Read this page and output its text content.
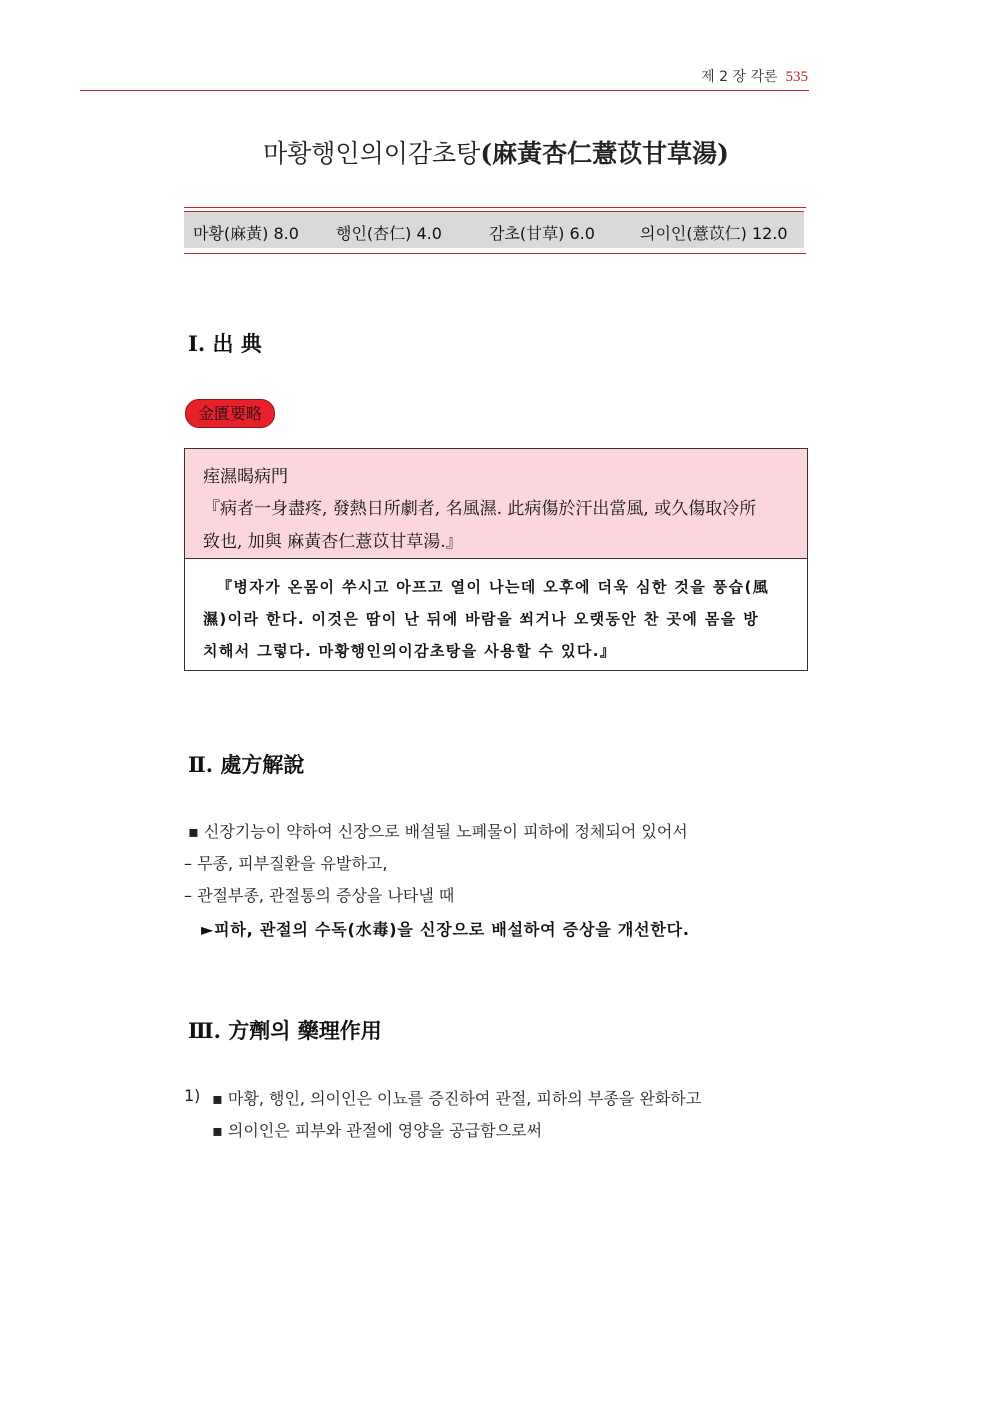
제 2 장 각론 535
마황행인의이감초탕(麻黃杏仁薏苡甘草湯)
마황(麻黃) 8.0 행인(杏仁) 4.0	감초(甘草) 6.0	의이인(薏苡仁) 12.0
Ⅰ. 出 典
金匱要略
痓濕暍病門
『病者一身盡疼, 發熱日所劇者, 名風濕. 此病傷於汗出當風, 或久傷取冷所
致也, 加與 麻黃杏仁薏苡甘草湯.』
『병자가 온몸이 쑤시고 아프고 열이 나는데 오후에 더욱 심한 것을 풍습(風
濕)이라 한다. 이것은 땀이 난 뒤에 바람을 쐬거나 오랫동안 찬 곳에 몸을 방
치해서 그렇다. 마황행인의이감초탕을 사용할 수 있다.』
Ⅱ. 處方解說
▪ 신장기능이 약하여 신장으로 배설될 노폐물이 피하에 정체되어 있어서
– 무종, 피부질환을 유발하고,
– 관절부종, 관절통의 증상을 나타낼 때
►피하, 관절의 수독(水毒)을 신장으로 배설하여 증상을 개선한다.
Ⅲ. 方劑의 藥理作用
1) ▪ 마황, 행인, 의이인은 이뇨를 증진하여 관절, 피하의 부종을 완화하고
▪ 의이인은 피부와 관절에 영양을 공급함으로써
